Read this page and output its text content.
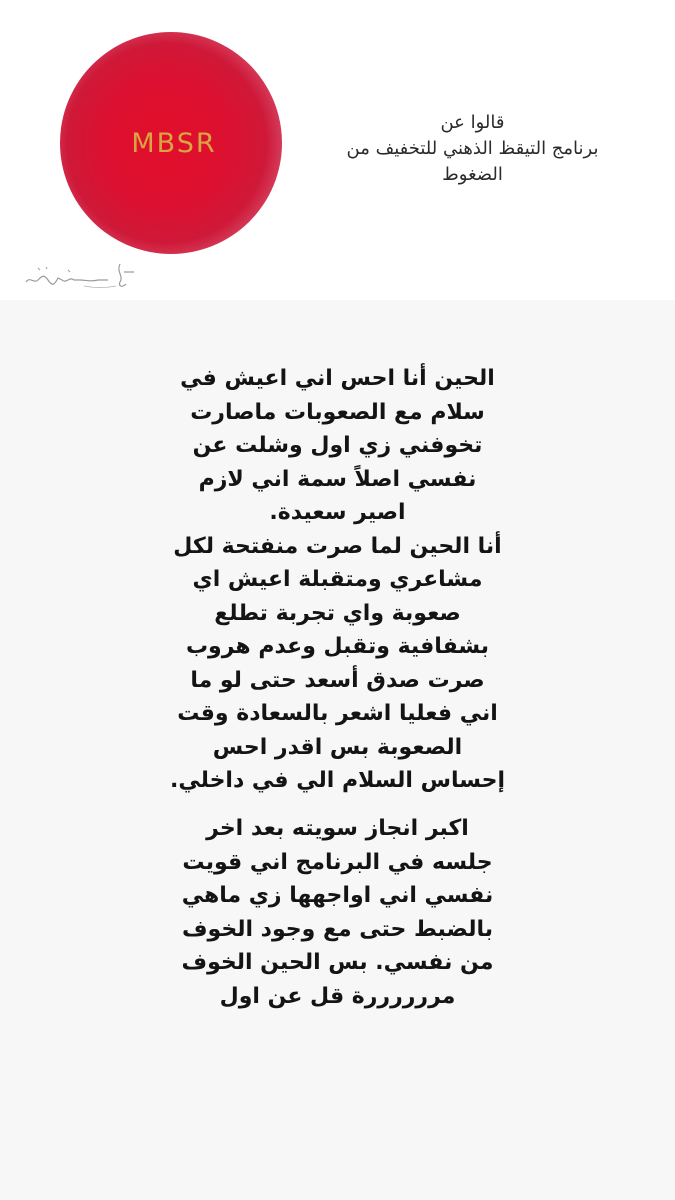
MBSR
قالوا عن
برنامج التيقظ الذهني للتخفيف من
الضغوط
الحين أنا احس اني اعيش في
سلام مع الصعوبات ماصارت
تخوفني زي اول وشلت عن
نفسي اصلاً سمة اني لازم
اصير سعيدة.
أنا الحين لما صرت منفتحة لكل
مشاعري ومتقبلة اعيش اي
صعوبة واي تجربة تطلع
بشفافية وتقبل وعدم هروب
صرت صدق أسعد حتى لو ما
اني فعليا اشعر بالسعادة وقت
الصعوبة بس اقدر احس
إحساس السلام الي في داخلي.
اكبر انجاز سويته بعد اخر
جلسه في البرنامج اني قويت
نفسي اني اواجهها زي ماهي
بالضبط حتى مع وجود الخوف
من نفسي. بس الحين الخوف
مررررررة قل عن اول
